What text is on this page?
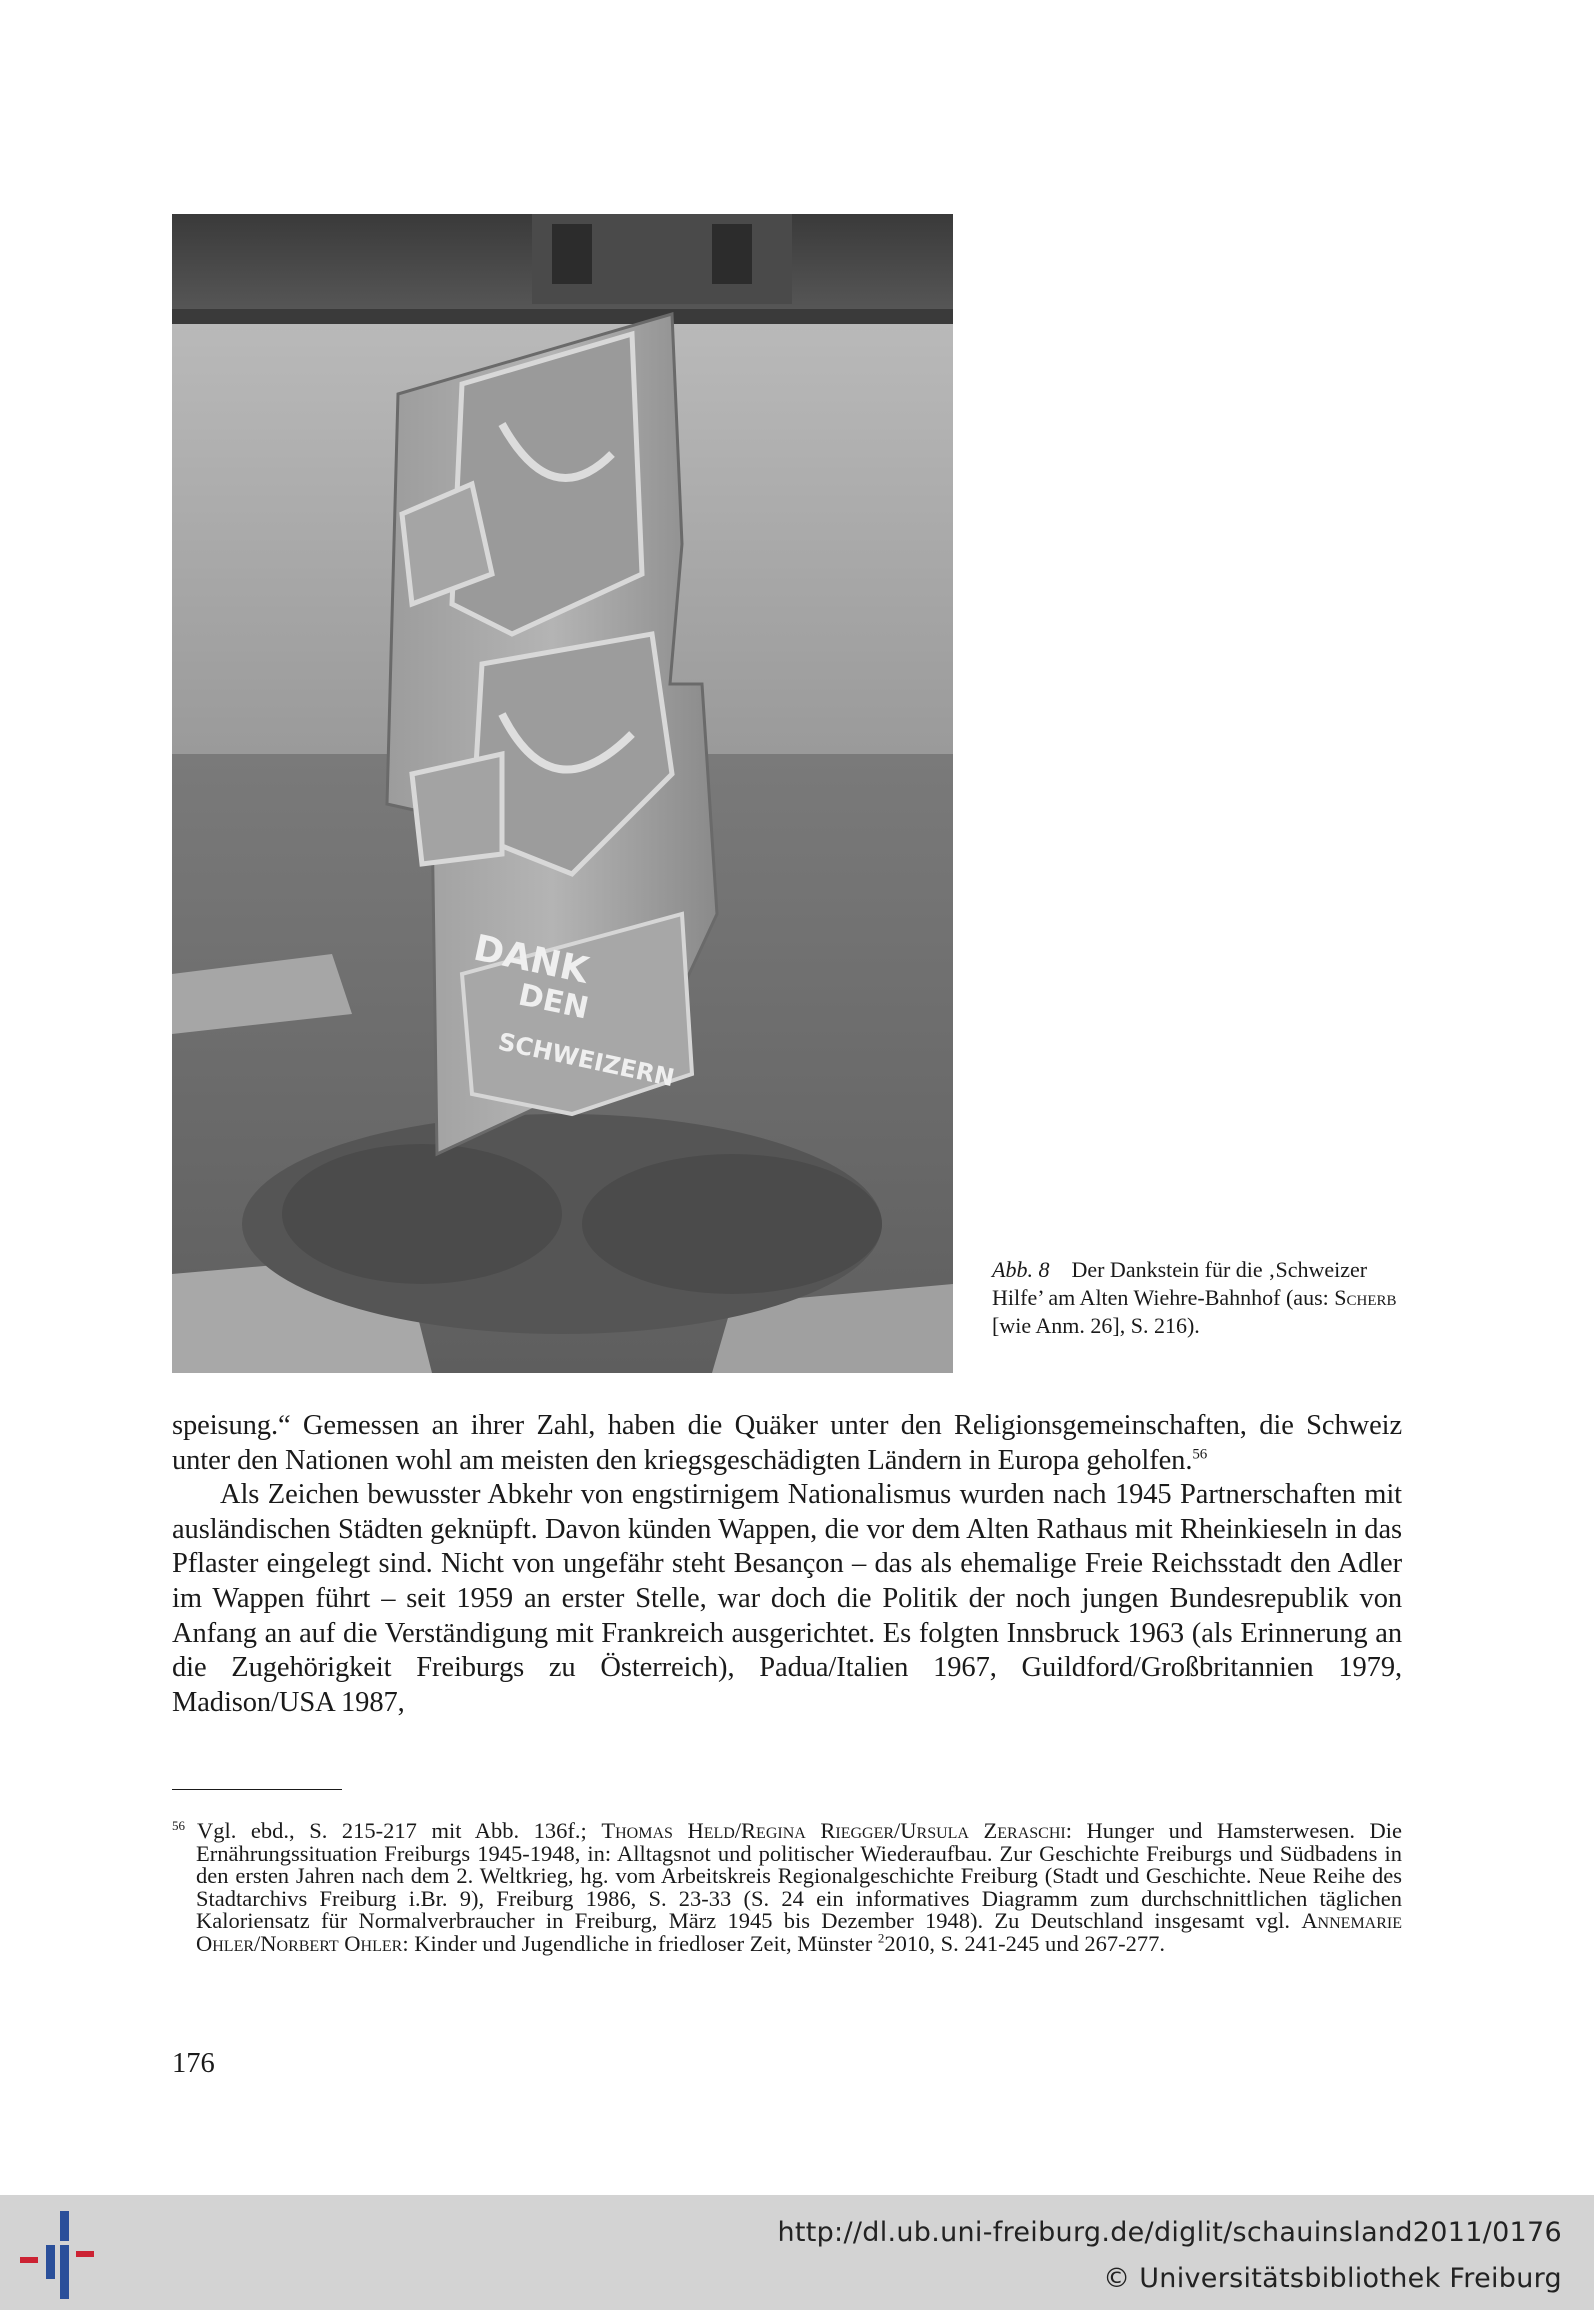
DANK
DEN
SCHWEIZERN
Abb. 8 Der Dankstein für die ‚Schweizer Hilfe’ am Alten Wiehre-Bahnhof (aus: Scherb [wie Anm. 26], S. 216).

speisung.“ Gemessen an ihrer Zahl, haben die Quäker unter den Religionsgemeinschaften, die Schweiz unter den Nationen wohl am meisten den kriegsgeschädigten Ländern in Europa geholfen.$^{56}$

Als Zeichen bewusster Abkehr von engstirnigem Nationalismus wurden nach 1945 Partnerschaften mit ausländischen Städten geknüpft. Davon künden Wappen, die vor dem Alten Rathaus mit Rheinkieseln in das Pflaster eingelegt sind. Nicht von ungefähr steht Besançon – das als ehemalige Freie Reichsstadt den Adler im Wappen führt – seit 1959 an erster Stelle, war doch die Politik der noch jungen Bundesrepublik von Anfang an auf die Verständigung mit Frankreich ausgerichtet. Es folgten Innsbruck 1963 (als Erinnerung an die Zugehörigkeit Freiburgs zu Österreich), Padua/Italien 1967, Guildford/Großbritannien 1979, Madison/USA 1987,

$^{56}$ Vgl. ebd., S. 215-217 mit Abb. 136f.; Thomas Held/Regina Riegger/Ursula Zeraschi: Hunger und Hamsterwesen. Die Ernährungssituation Freiburgs 1945-1948, in: Alltagsnot und politischer Wiederaufbau. Zur Geschichte Freiburgs und Südbadens in den ersten Jahren nach dem 2. Weltkrieg, hg. vom Arbeitskreis Regionalgeschichte Freiburg (Stadt und Geschichte. Neue Reihe des Stadtarchivs Freiburg i.Br. 9), Freiburg 1986, S. 23-33 (S. 24 ein informatives Diagramm zum durchschnittlichen täglichen Kaloriensatz für Normalverbraucher in Freiburg, März 1945 bis Dezember 1948). Zu Deutschland insgesamt vgl. Annemarie Ohler/Norbert Ohler: Kinder und Jugendliche in friedloser Zeit, Münster $^2$2010, S. 241-245 und 267-277.
176
http://dl.ub.uni-freiburg.de/diglit/schauinsland2011/0176
© Universitätsbibliothek Freiburg
